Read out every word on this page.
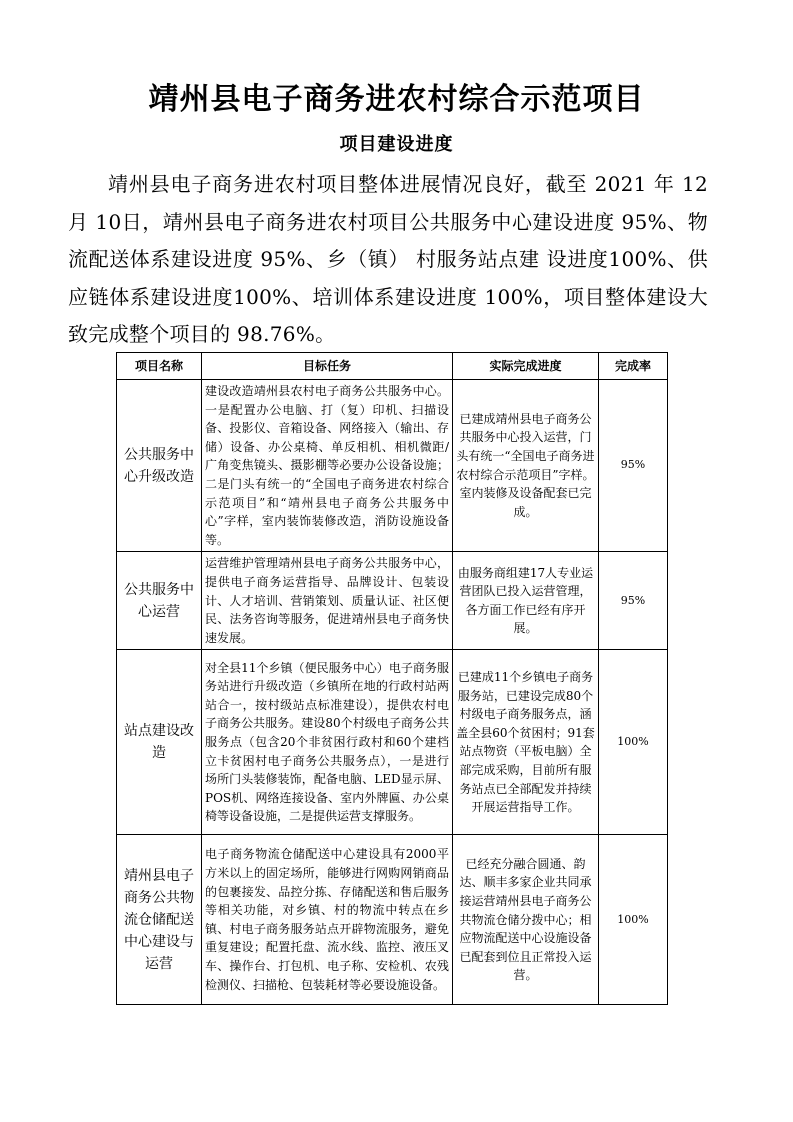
靖州县电子商务进农村综合示范项目
项目建设进度

靖州县电子商务进农村项目整体进展情况良好，截至 2021 年 12月 10日，靖州县电子商务进农村项目公共服务中心建设进度 95%、物流配送体系建设进度 95%、乡（镇） 村服务站点建 设进度100%、供应链体系建设进度100%、培训体系建设进度 100%，项目整体建设大致完成整个项目的 98.76%。

项目名称	目标任务	实际完成进度	完成率
公共服务中心升级改造	建设改造靖州县农村电子商务公共服务中心。一是配置办公电脑、打（复）印机、扫描设备、投影仪、音箱设备、网络接入（输出、存储）设备、办公桌椅、单反相机、相机微距/广角变焦镜头、摄影棚等必要办公设备设施；二是门头有统一的“全国电子商务进农村综合示范项目”和“靖州县电子商务公共服务中心”字样，室内装饰装修改造，消防设施设备等。	已建成靖州县电子商务公共服务中心投入运营，门头有统一“全国电子商务进农村综合示范项目”字样。室内装修及设备配套已完成。	95%
公共服务中心运营	运营维护管理靖州县电子商务公共服务中心，提供电子商务运营指导、品牌设计、包装设计、人才培训、营销策划、质量认证、社区便民、法务咨询等服务，促进靖州县电子商务快速发展。	由服务商组建17人专业运营团队已投入运营管理，各方面工作已经有序开展。	95%
站点建设改造	对全县11个乡镇（便民服务中心）电子商务服务站进行升级改造（乡镇所在地的行政村站两站合一，按村级站点标准建设），提供农村电子商务公共服务。建设80个村级电子商务公共服务点（包含20个非贫困行政村和60个建档立卡贫困村电子商务公共服务点），一是进行场所门头装修装饰，配备电脑、LED显示屏、POS机、网络连接设备、室内外牌匾、办公桌椅等设备设施，二是提供运营支撑服务。	已建成11个乡镇电子商务服务站，已建设完成80个村级电子商务服务点，涵盖全县60个贫困村；91套站点物资（平板电脑）全部完成采购，目前所有服务站点已全部配发并持续开展运营指导工作。	100%
靖州县电子商务公共物流仓储配送中心建设与运营	电子商务物流仓储配送中心建设具有2000平方米以上的固定场所，能够进行网购网销商品的包裹接发、品控分拣、存储配送和售后服务等相关功能，对乡镇、村的物流中转点在乡镇、村电子商务服务站点开辟物流服务，避免重复建设；配置托盘、流水线、监控、液压叉车、操作台、打包机、电子称、安检机、农残检测仪、扫描枪、包装耗材等必要设施设备。	已经充分融合圆通、韵达、顺丰多家企业共同承接运营靖州县电子商务公共物流仓储分拨中心；相应物流配送中心设施设备已配套到位且正常投入运营。	100%
